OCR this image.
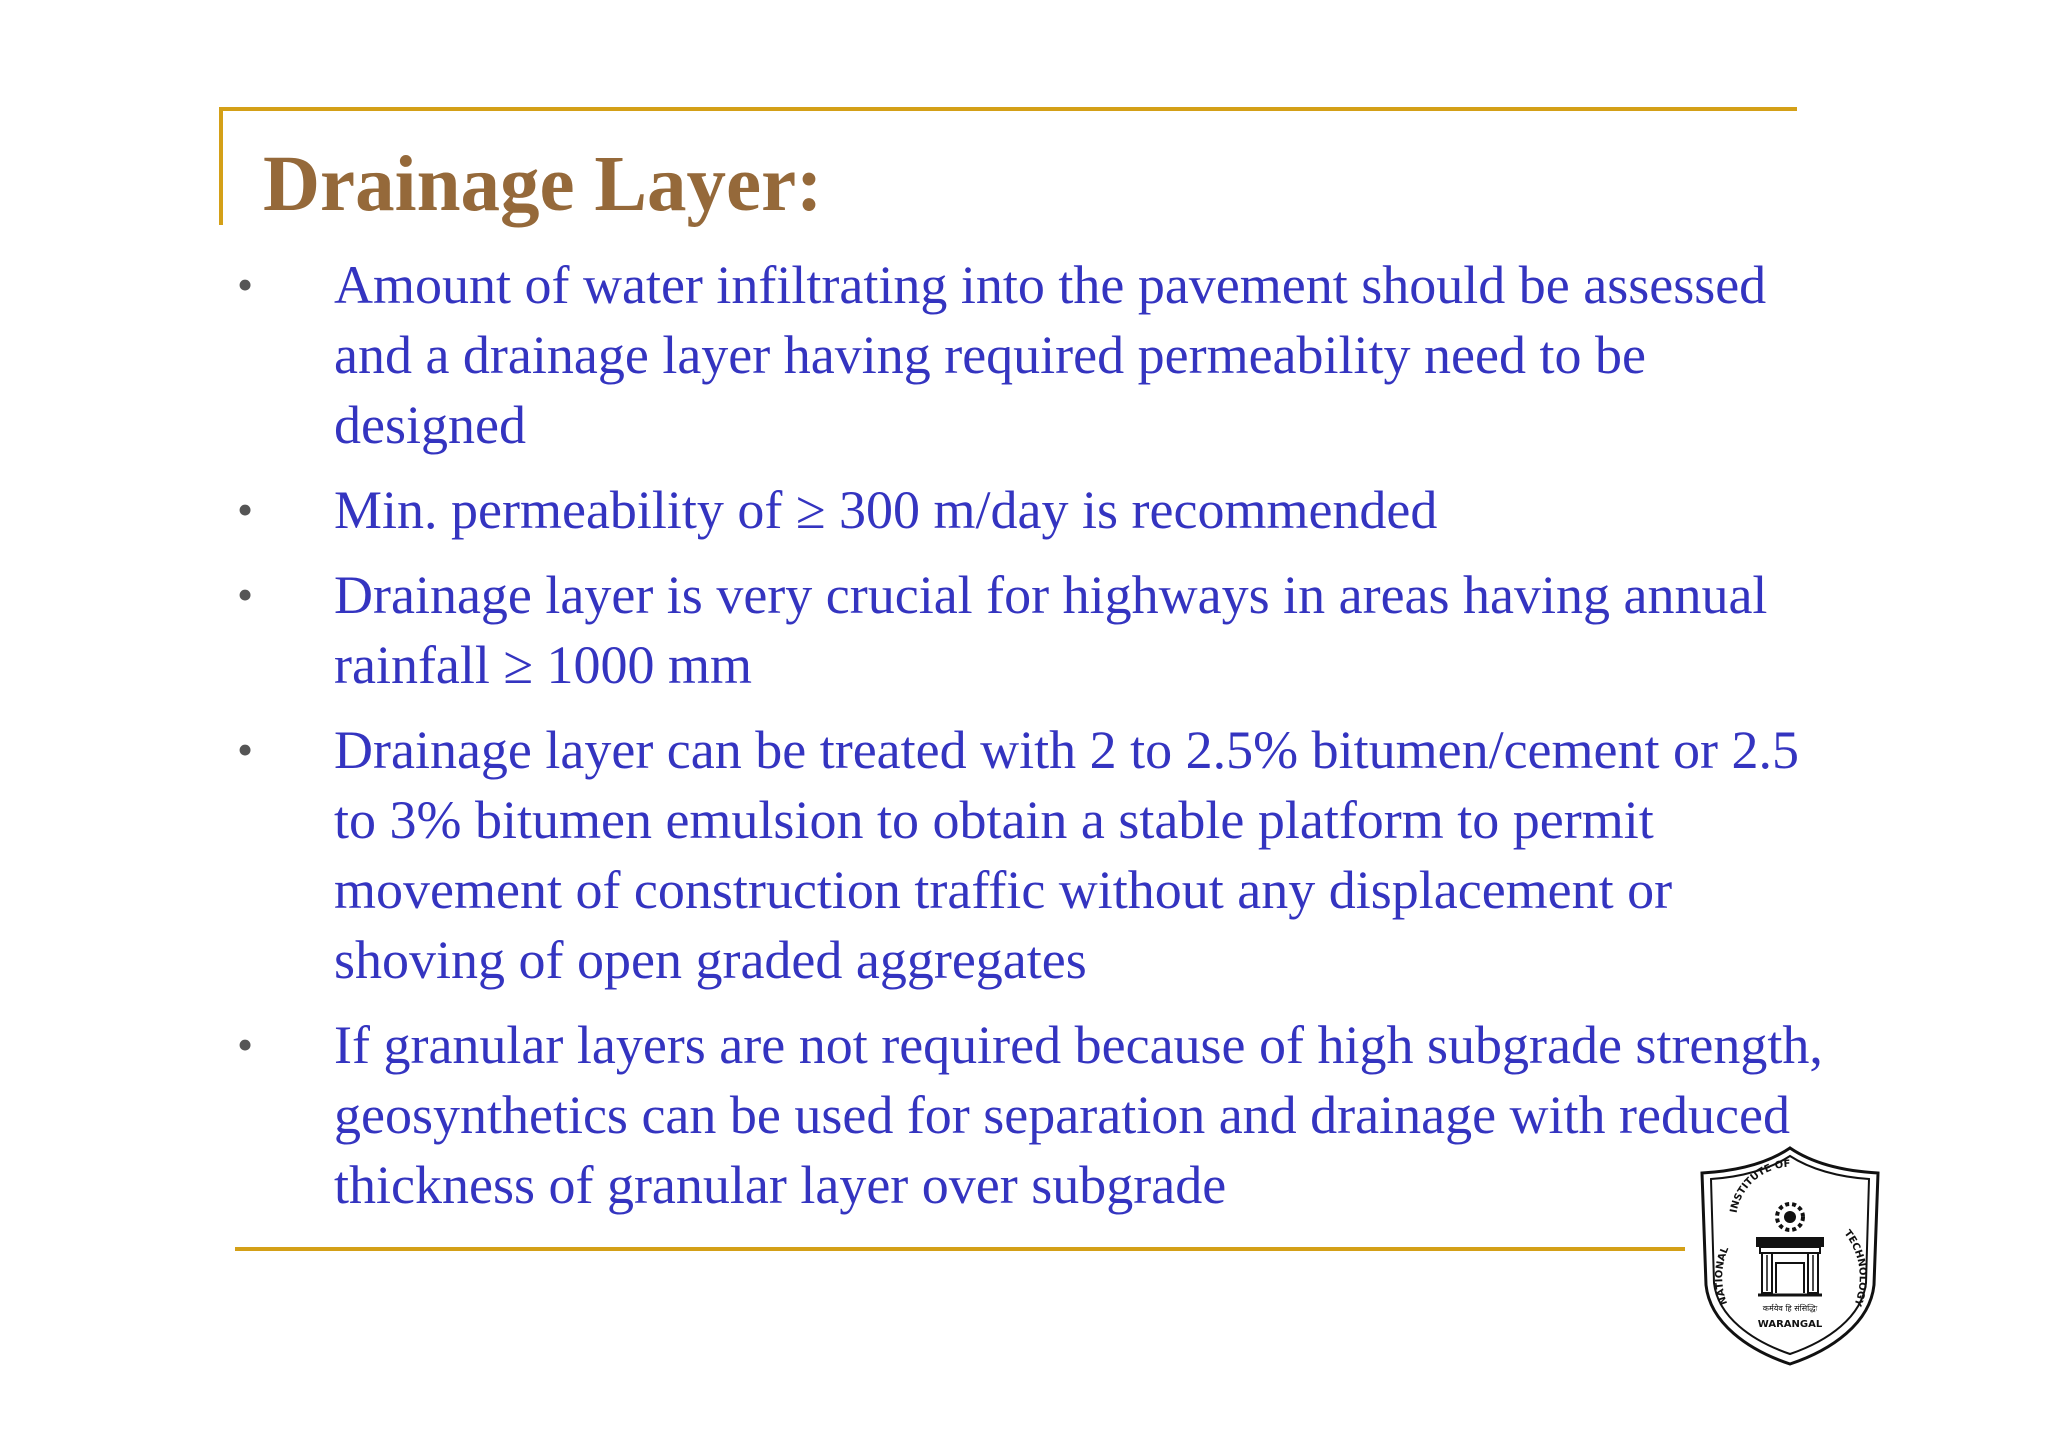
Drainage Layer:
• Amount of water infiltrating into the pavement should be assessed and a drainage layer having required permeability need to be designed
• Min. permeability of ≥ 300 m/day is recommended
• Drainage layer is very crucial for highways in areas having annual rainfall ≥ 1000 mm
• Drainage layer can be treated with 2 to 2.5% bitumen/cement or 2.5 to 3% bitumen emulsion to obtain a stable platform to permit movement of construction traffic without any displacement or shoving of open graded aggregates
• If granular layers are not required because of high subgrade strength, geosynthetics can be used for separation and drainage with reduced thickness of granular layer over subgrade	INSTITUTE OF
NATIONAL
TECHNOLOGY
कर्मयेव हि संसिद्धिः
WARANGAL
